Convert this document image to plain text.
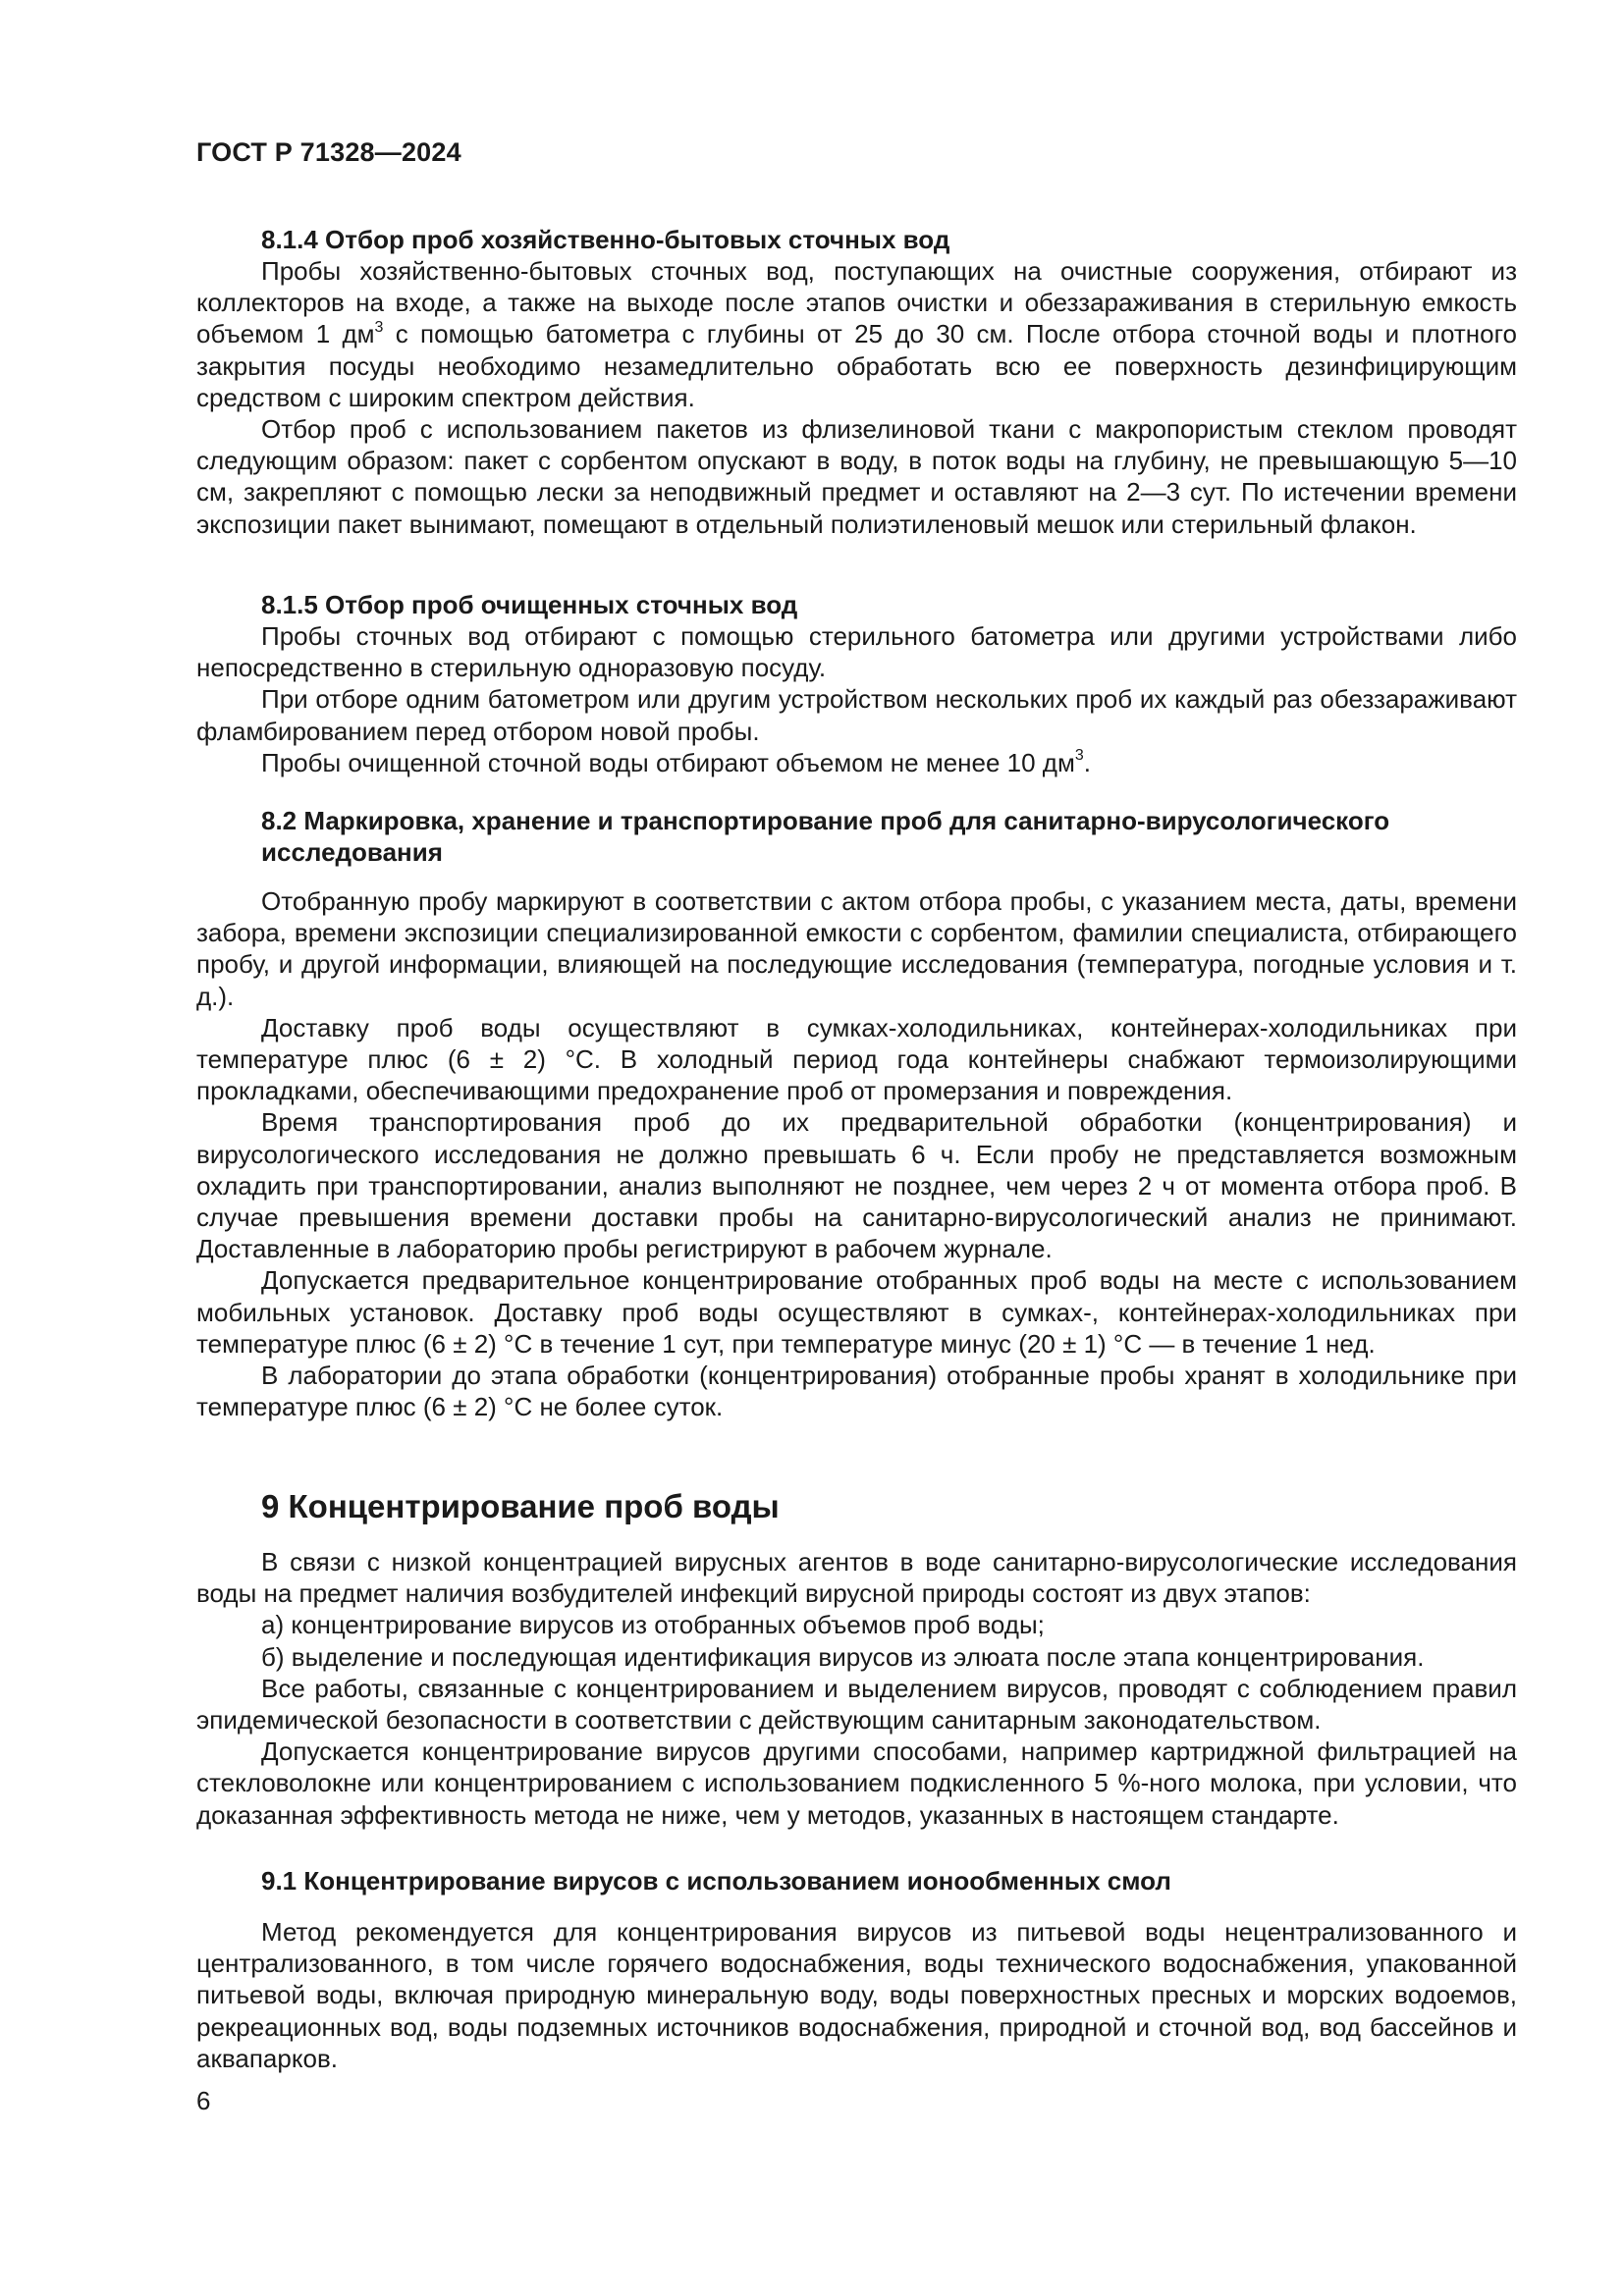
ГОСТ Р 71328—2024
8.1.4 Отбор проб хозяйственно-бытовых сточных вод

Пробы хозяйственно-бытовых сточных вод, поступающих на очистные сооружения, отбирают из коллекторов на входе, а также на выходе после этапов очистки и обеззараживания в стерильную емкость объемом 1 $дм^3$ с помощью батометра с глубины от 25 до 30 см. После отбора сточной воды и плотного закрытия посуды необходимо незамедлительно обработать всю ее поверхность дезинфицирующим средством с широким спектром действия.

Отбор проб с использованием пакетов из флизелиновой ткани с макропористым стеклом проводят следующим образом: пакет с сорбентом опускают в воду, в поток воды на глубину, не превышающую 5—10 см, закрепляют с помощью лески за неподвижный предмет и оставляют на 2—3 сут. По истечении времени экспозиции пакет вынимают, помещают в отдельный полиэтиленовый мешок или стерильный флакон.

8.1.5 Отбор проб очищенных сточных вод

Пробы сточных вод отбирают с помощью стерильного батометра или другими устройствами либо непосредственно в стерильную одноразовую посуду.

При отборе одним батометром или другим устройством нескольких проб их каждый раз обеззараживают фламбированием перед отбором новой пробы.

Пробы очищенной сточной воды отбирают объемом не менее 10 $дм^3$.

8.2 Маркировка, хранение и транспортирование проб для санитарно-вирусологического исследования

Отобранную пробу маркируют в соответствии с актом отбора пробы, с указанием места, даты, времени забора, времени экспозиции специализированной емкости с сорбентом, фамилии специалиста, отбирающего пробу, и другой информации, влияющей на последующие исследования (температура, погодные условия и т. д.).

Доставку проб воды осуществляют в сумках-холодильниках, контейнерах-холодильниках при температуре плюс (6 ± 2) °С. В холодный период года контейнеры снабжают термоизолирующими прокладками, обеспечивающими предохранение проб от промерзания и повреждения.

Время транспортирования проб до их предварительной обработки (концентрирования) и вирусологического исследования не должно превышать 6 ч. Если пробу не представляется возможным охладить при транспортировании, анализ выполняют не позднее, чем через 2 ч от момента отбора проб. В случае превышения времени доставки пробы на санитарно-вирусологический анализ не принимают. Доставленные в лабораторию пробы регистрируют в рабочем журнале.

Допускается предварительное концентрирование отобранных проб воды на месте с использованием мобильных установок. Доставку проб воды осуществляют в сумках-, контейнерах-холодильниках при температуре плюс (6 ± 2) °С в течение 1 сут, при температуре минус (20 ± 1) °С — в течение 1 нед.

В лаборатории до этапа обработки (концентрирования) отобранные пробы хранят в холодильнике при температуре плюс (6 ± 2) °С не более суток.

9 Концентрирование проб воды

В связи с низкой концентрацией вирусных агентов в воде санитарно-вирусологические исследования воды на предмет наличия возбудителей инфекций вирусной природы состоят из двух этапов:

а) концентрирование вирусов из отобранных объемов проб воды;

б) выделение и последующая идентификация вирусов из элюата после этапа концентрирования.

Все работы, связанные с концентрированием и выделением вирусов, проводят с соблюдением правил эпидемической безопасности в соответствии с действующим санитарным законодательством.

Допускается концентрирование вирусов другими способами, например картриджной фильтрацией на стекловолокне или концентрированием с использованием подкисленного 5 %-ного молока, при условии, что доказанная эффективность метода не ниже, чем у методов, указанных в настоящем стандарте.

9.1 Концентрирование вирусов с использованием ионообменных смол

Метод рекомендуется для концентрирования вирусов из питьевой воды нецентрализованного и централизованного, в том числе горячего водоснабжения, воды технического водоснабжения, упакованной питьевой воды, включая природную минеральную воду, воды поверхностных пресных и морских водоемов, рекреационных вод, воды подземных источников водоснабжения, природной и сточной вод, вод бассейнов и аквапарков.

6
